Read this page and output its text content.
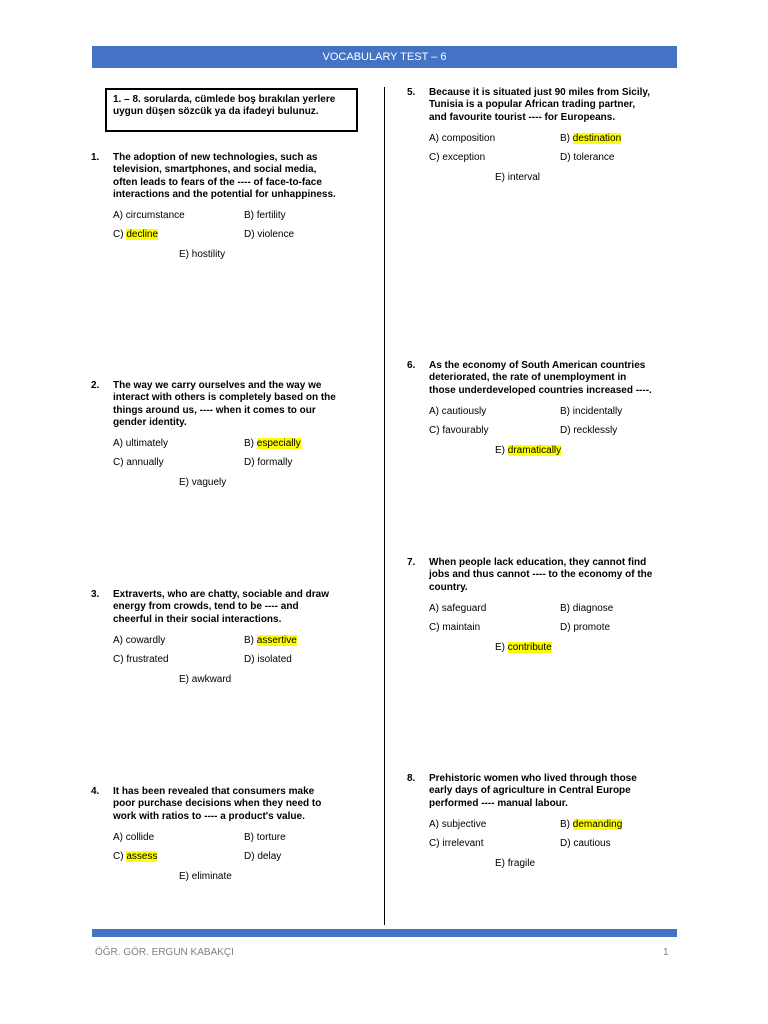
VOCABULARY TEST – 6
1. – 8. sorularda, cümlede boş bırakılan yerlere uygun düşen sözcük ya da ifadeyi bulunuz.
1. The adoption of new technologies, such as
television, smartphones, and social media,
often leads to fears of the ---- of face-to-face
interactions and the potential for unhappiness.
A) circumstance	B) fertility
C) decline	D) violence
E) hostility
2. The way we carry ourselves and the way we
interact with others is completely based on the
things around us, ---- when it comes to our
gender identity.
A) ultimately	B) especially
C) annually	D) formally
E) vaguely
3. Extraverts, who are chatty, sociable and draw
energy from crowds, tend to be ---- and
cheerful in their social interactions.
A) cowardly	B) assertive
C) frustrated	D) isolated
E) awkward
4. It has been revealed that consumers make
poor purchase decisions when they need to
work with ratios to ---- a product's value.
A) collide	B) torture
C) assess	D) delay
E) eliminate
5. Because it is situated just 90 miles from Sicily,
Tunisia is a popular African trading partner,
and favourite tourist ---- for Europeans.
A) composition	B) destination
C) exception	D) tolerance
E) interval
6. As the economy of South American countries
deteriorated, the rate of unemployment in
those underdeveloped countries increased ----.
A) cautiously	B) incidentally
C) favourably	D) recklessly
E) dramatically
7. When people lack education, they cannot find
jobs and thus cannot ---- to the economy of the
country.
A) safeguard	B) diagnose
C) maintain	D) promote
E) contribute
8. Prehistoric women who lived through those
early days of agriculture in Central Europe
performed ---- manual labour.
A) subjective	B) demanding
C) irrelevant	D) cautious
E) fragile
ÖĞR. GÖR. ERGUN KABAKÇI	1
